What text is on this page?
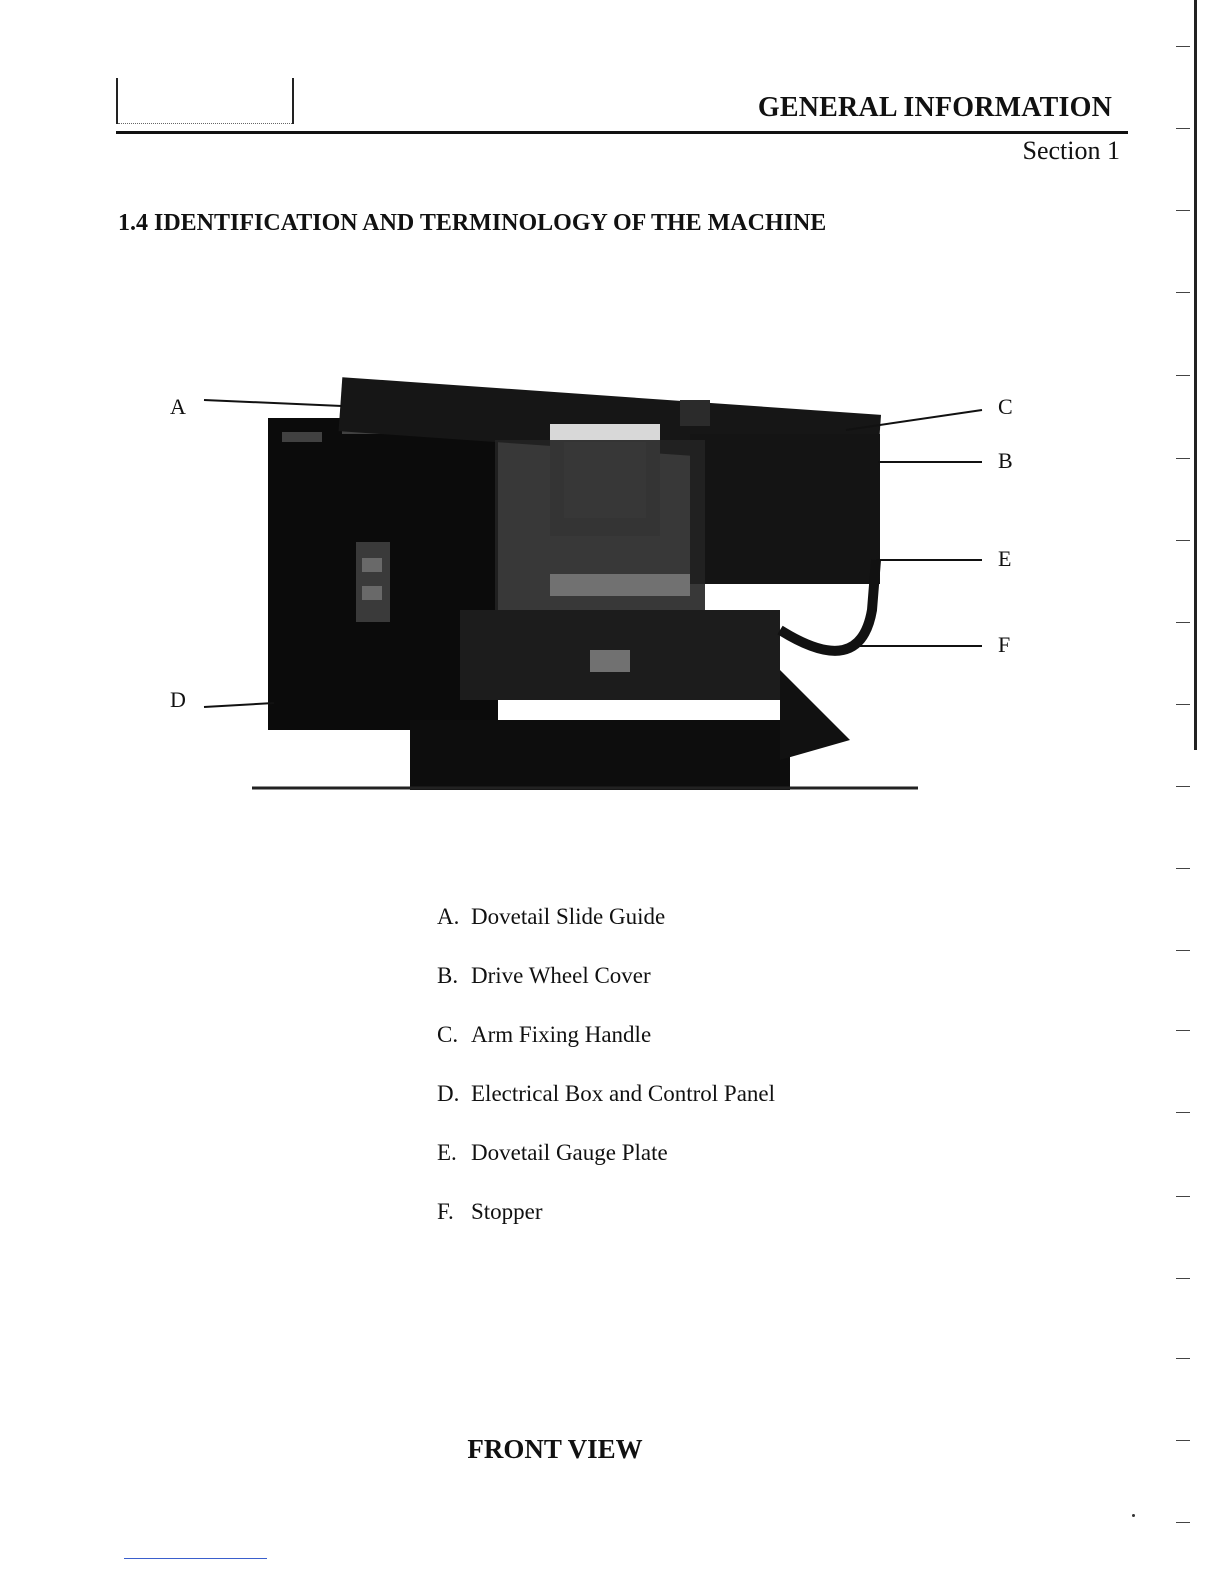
GENERAL INFORMATION
Section 1
1.4 IDENTIFICATION AND TERMINOLOGY OF THE MACHINE
A
B
C
D
E
F
A. Dovetail Slide Guide
B. Drive Wheel Cover
C. Arm Fixing Handle
D. Electrical Box and Control Panel
E. Dovetail Gauge Plate
F. Stopper
FRONT VIEW
